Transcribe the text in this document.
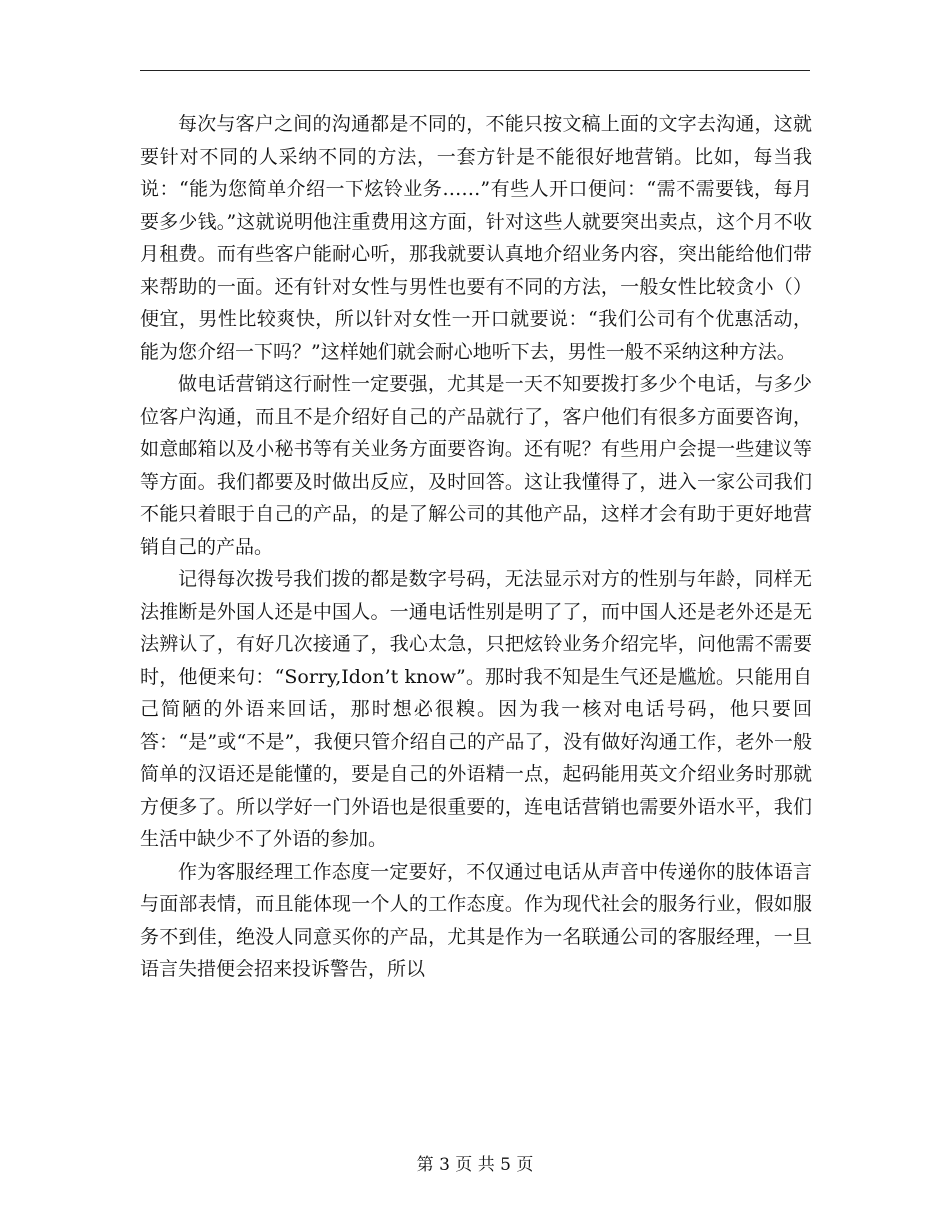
每次与客户之间的沟通都是不同的，不能只按文稿上面的文字去沟通，这就要针对不同的人采纳不同的方法，一套方针是不能很好地营销。比如，每当我说：“能为您简单介绍一下炫铃业务……”有些人开口便问：“需不需要钱，每月要多少钱。”这就说明他注重费用这方面，针对这些人就要突出卖点，这个月不收月租费。而有些客户能耐心听，那我就要认真地介绍业务内容，突出能给他们带来帮助的一面。还有针对女性与男性也要有不同的方法，一般女性比较贪小（）便宜，男性比较爽快，所以针对女性一开口就要说：“我们公司有个优惠活动，能为您介绍一下吗？”这样她们就会耐心地听下去，男性一般不采纳这种方法。

做电话营销这行耐性一定要强，尤其是一天不知要拨打多少个电话，与多少位客户沟通，而且不是介绍好自己的产品就行了，客户他们有很多方面要咨询，如意邮箱以及小秘书等有关业务方面要咨询。还有呢？有些用户会提一些建议等等方面。我们都要及时做出反应，及时回答。这让我懂得了，进入一家公司我们不能只着眼于自己的产品，的是了解公司的其他产品，这样才会有助于更好地营销自己的产品。

记得每次拨号我们拨的都是数字号码，无法显示对方的性别与年龄，同样无法推断是外国人还是中国人。一通电话性别是明了了，而中国人还是老外还是无法辨认了，有好几次接通了，我心太急，只把炫铃业务介绍完毕，问他需不需要时，他便来句：“Sorry,Idon’t know”。那时我不知是生气还是尴尬。只能用自己简陋的外语来回话，那时想必很糗。因为我一核对电话号码，他只要回答：“是”或“不是”，我便只管介绍自己的产品了，没有做好沟通工作，老外一般简单的汉语还是能懂的，要是自己的外语精一点，起码能用英文介绍业务时那就方便多了。所以学好一门外语也是很重要的，连电话营销也需要外语水平，我们生活中缺少不了外语的参加。

作为客服经理工作态度一定要好，不仅通过电话从声音中传递你的肢体语言与面部表情，而且能体现一个人的工作态度。作为现代社会的服务行业，假如服务不到佳，绝没人同意买你的产品，尤其是作为一名联通公司的客服经理，一旦语言失措便会招来投诉警告，所以

第 3 页 共 5 页
